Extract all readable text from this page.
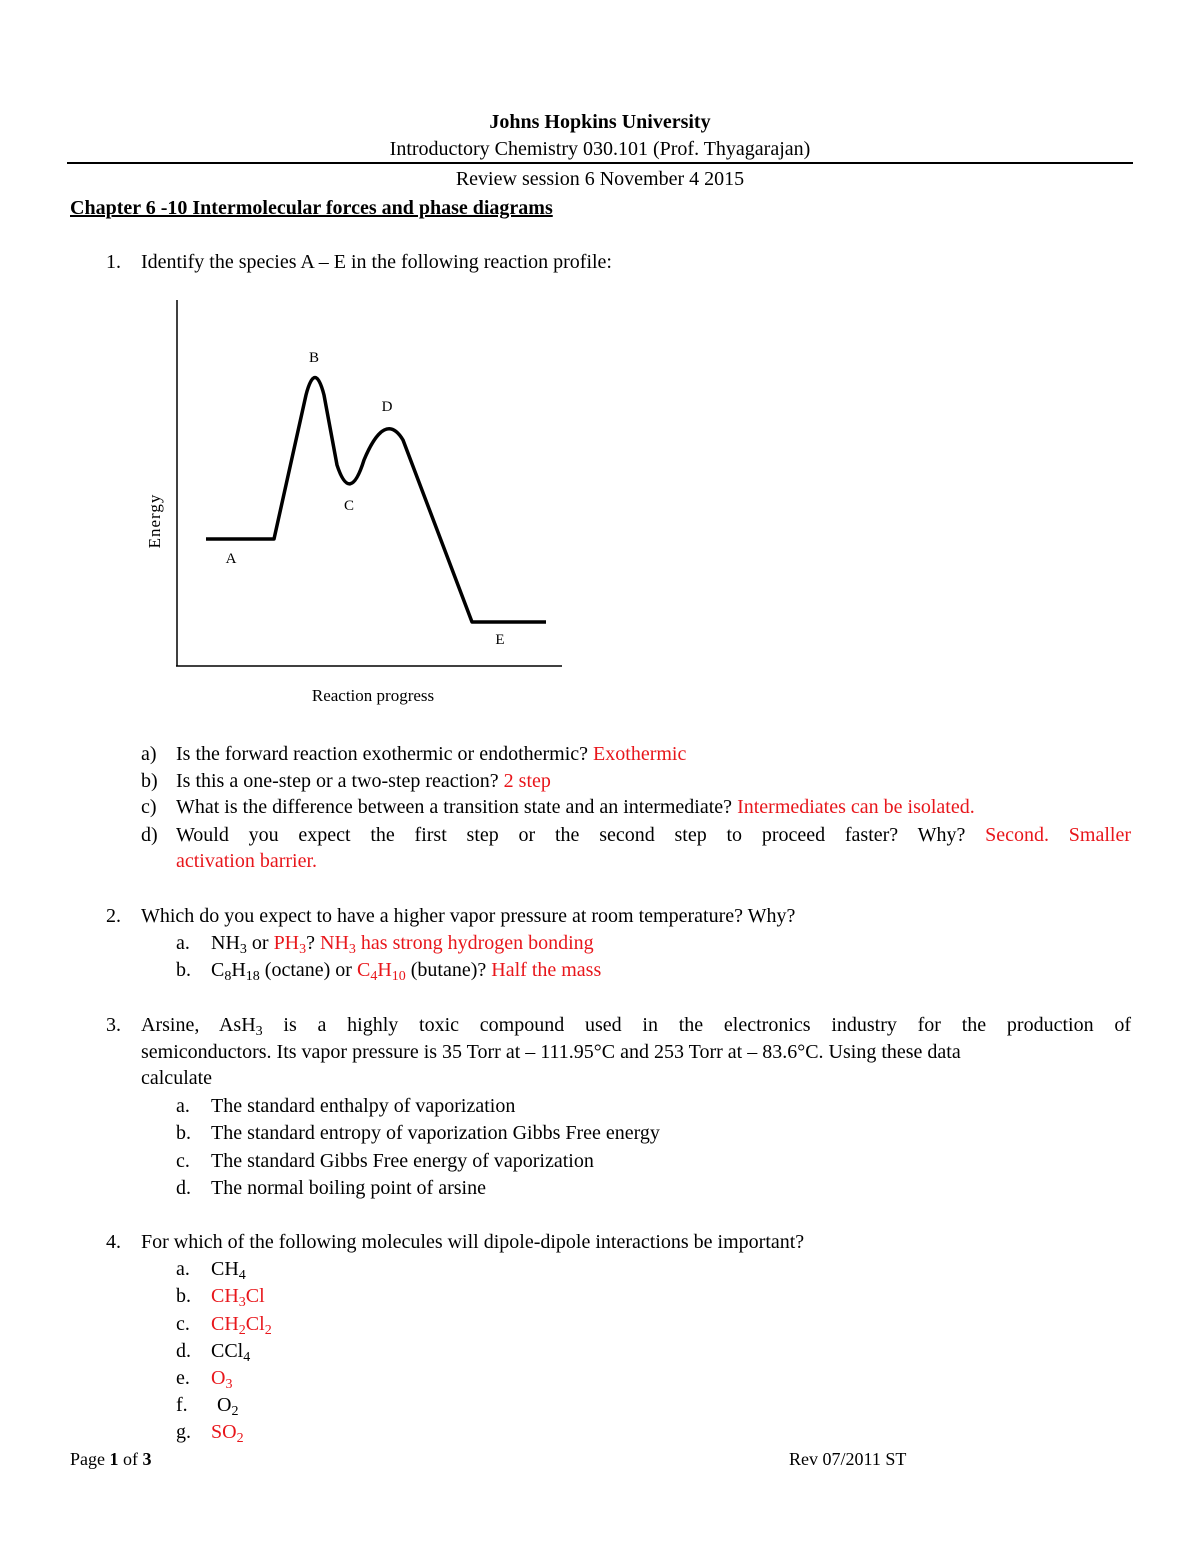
Johns Hopkins University
Introductory Chemistry 030.101 (Prof. Thyagarajan)
Review session 6 November 4 2015
Chapter 6 -10 Intermolecular forces and phase diagrams
1. Identify the species A – E in the following reaction profile:
Energy
Reaction progress
A
B
C
D
E
a) Is the forward reaction exothermic or endothermic? Exothermic
b) Is this a one-step or a two-step reaction? 2 step
c) What is the difference between a transition state and an intermediate? Intermediates can be isolated.
d) Would you expect the first step or the second step to proceed faster? Why? Second. Smaller
activation barrier.
2. Which do you expect to have a higher vapor pressure at room temperature? Why?
a. $NH_3$ or $PH_3$? $NH_3$ has strong hydrogen bonding
b. $C_8H_{18}$ (octane) or $C_4H_{10}$ (butane)? Half the mass
3. Arsine, AsH$_3$ is a highly toxic compound used in the electronics industry for the production of
semiconductors. Its vapor pressure is 35 Torr at – 111.95°C and 253 Torr at – 83.6°C. Using these data
calculate
a. The standard enthalpy of vaporization
b. The standard entropy of vaporization Gibbs Free energy
c. The standard Gibbs Free energy of vaporization
d. The normal boiling point of arsine
4. For which of the following molecules will dipole-dipole interactions be important?
a. $CH_4$
b. $CH_3Cl$
c. $CH_2Cl_2$
d. CCl$_4$
e. $O_3$
f. $O_2$
g. $SO_2$
Page 1 of 3	Rev 07/2011 ST
